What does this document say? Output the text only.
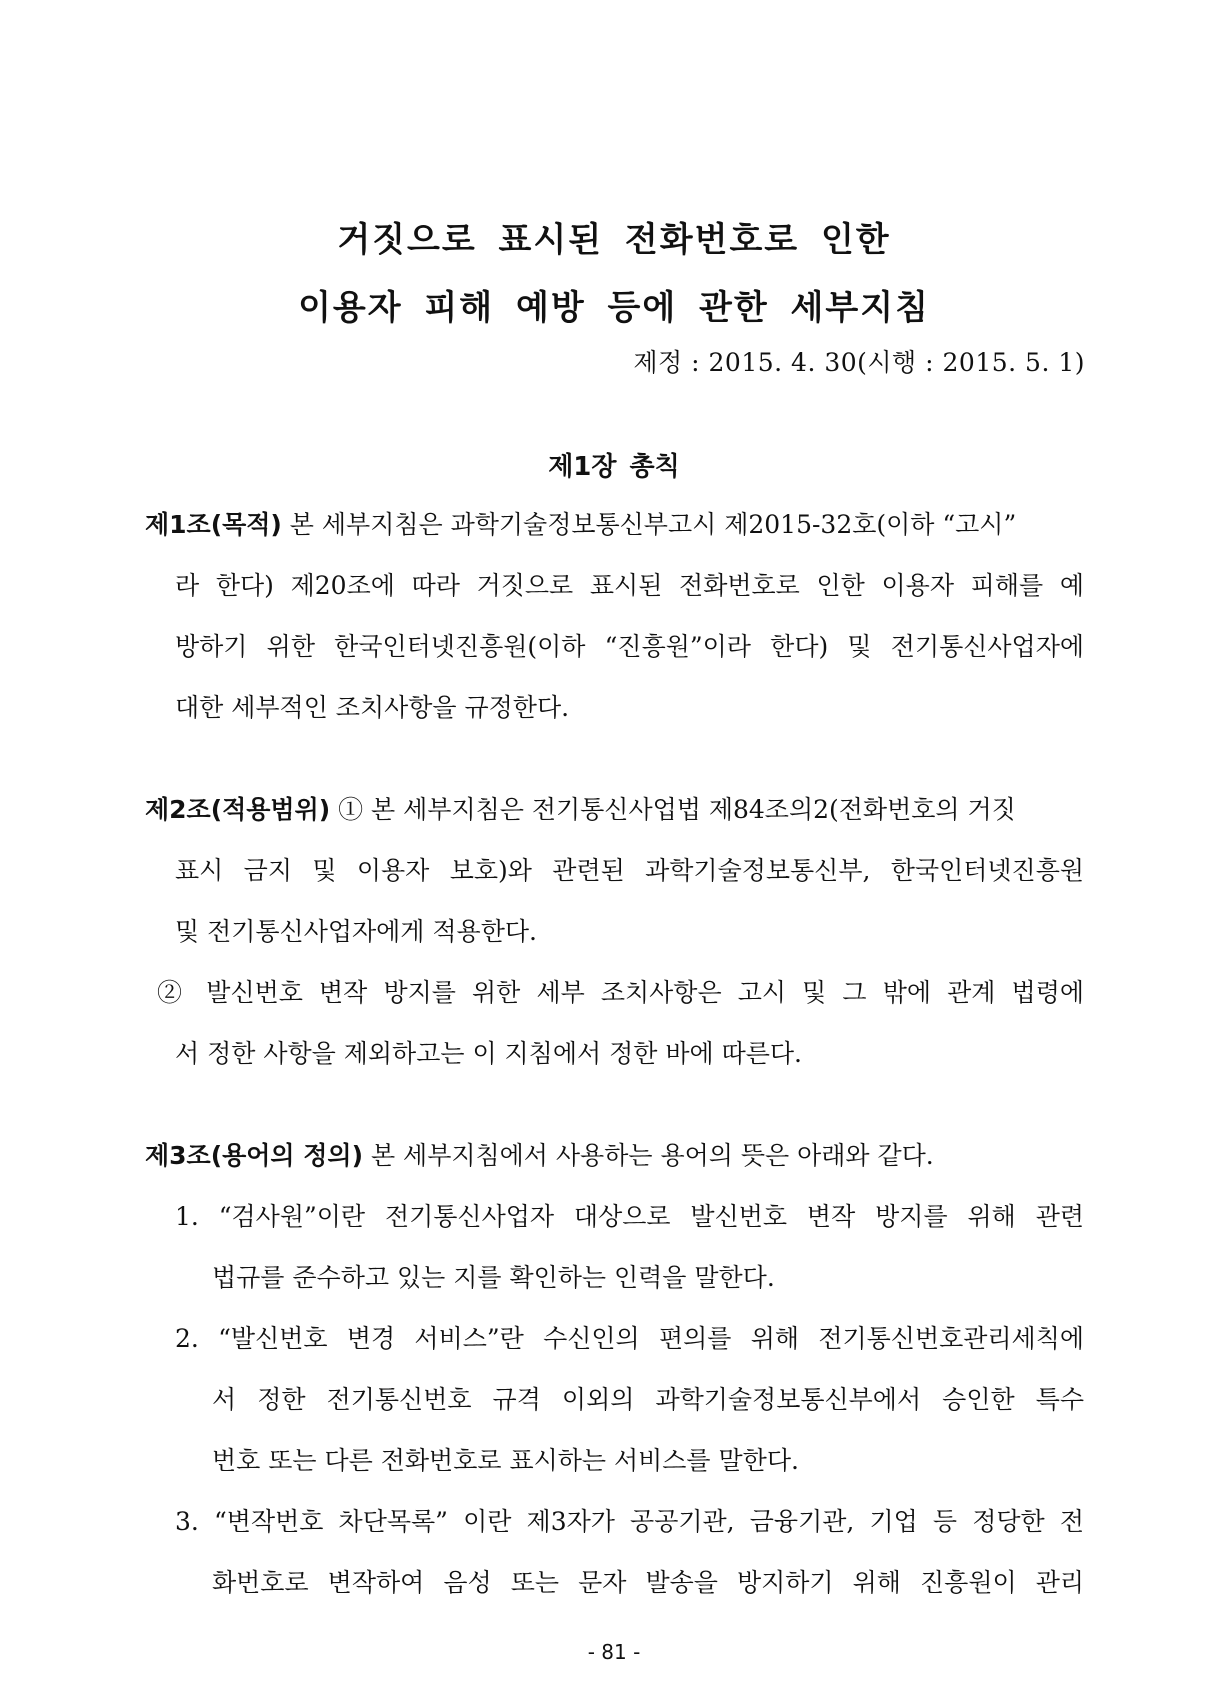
거짓으로 표시된 전화번호로 인한
이용자 피해 예방 등에 관한 세부지침
제정 : 2015. 4. 30(시행 : 2015. 5. 1)
제1장 총칙
제1조(목적) 본 세부지침은 과학기술정보통신부고시 제2015-32호(이하 “고시”
라 한다) 제20조에 따라 거짓으로 표시된 전화번호로 인한 이용자 피해를 예
방하기 위한 한국인터넷진흥원(이하 “진흥원”이라 한다) 및 전기통신사업자에
대한 세부적인 조치사항을 규정한다.
제2조(적용범위) ① 본 세부지침은 전기통신사업법 제84조의2(전화번호의 거짓
표시 금지 및 이용자 보호)와 관련된 과학기술정보통신부, 한국인터넷진흥원
및 전기통신사업자에게 적용한다.
② 발신번호 변작 방지를 위한 세부 조치사항은 고시 및 그 밖에 관계 법령에
서 정한 사항을 제외하고는 이 지침에서 정한 바에 따른다.
제3조(용어의 정의) 본 세부지침에서 사용하는 용어의 뜻은 아래와 같다.
1. “검사원”이란 전기통신사업자 대상으로 발신번호 변작 방지를 위해 관련
법규를 준수하고 있는 지를 확인하는 인력을 말한다.
2. “발신번호 변경 서비스”란 수신인의 편의를 위해 전기통신번호관리세칙에
서 정한 전기통신번호 규격 이외의 과학기술정보통신부에서 승인한 특수
번호 또는 다른 전화번호로 표시하는 서비스를 말한다.
3. “변작번호 차단목록” 이란 제3자가 공공기관, 금융기관, 기업 등 정당한 전
화번호로 변작하여 음성 또는 문자 발송을 방지하기 위해 진흥원이 관리
- 81 -
